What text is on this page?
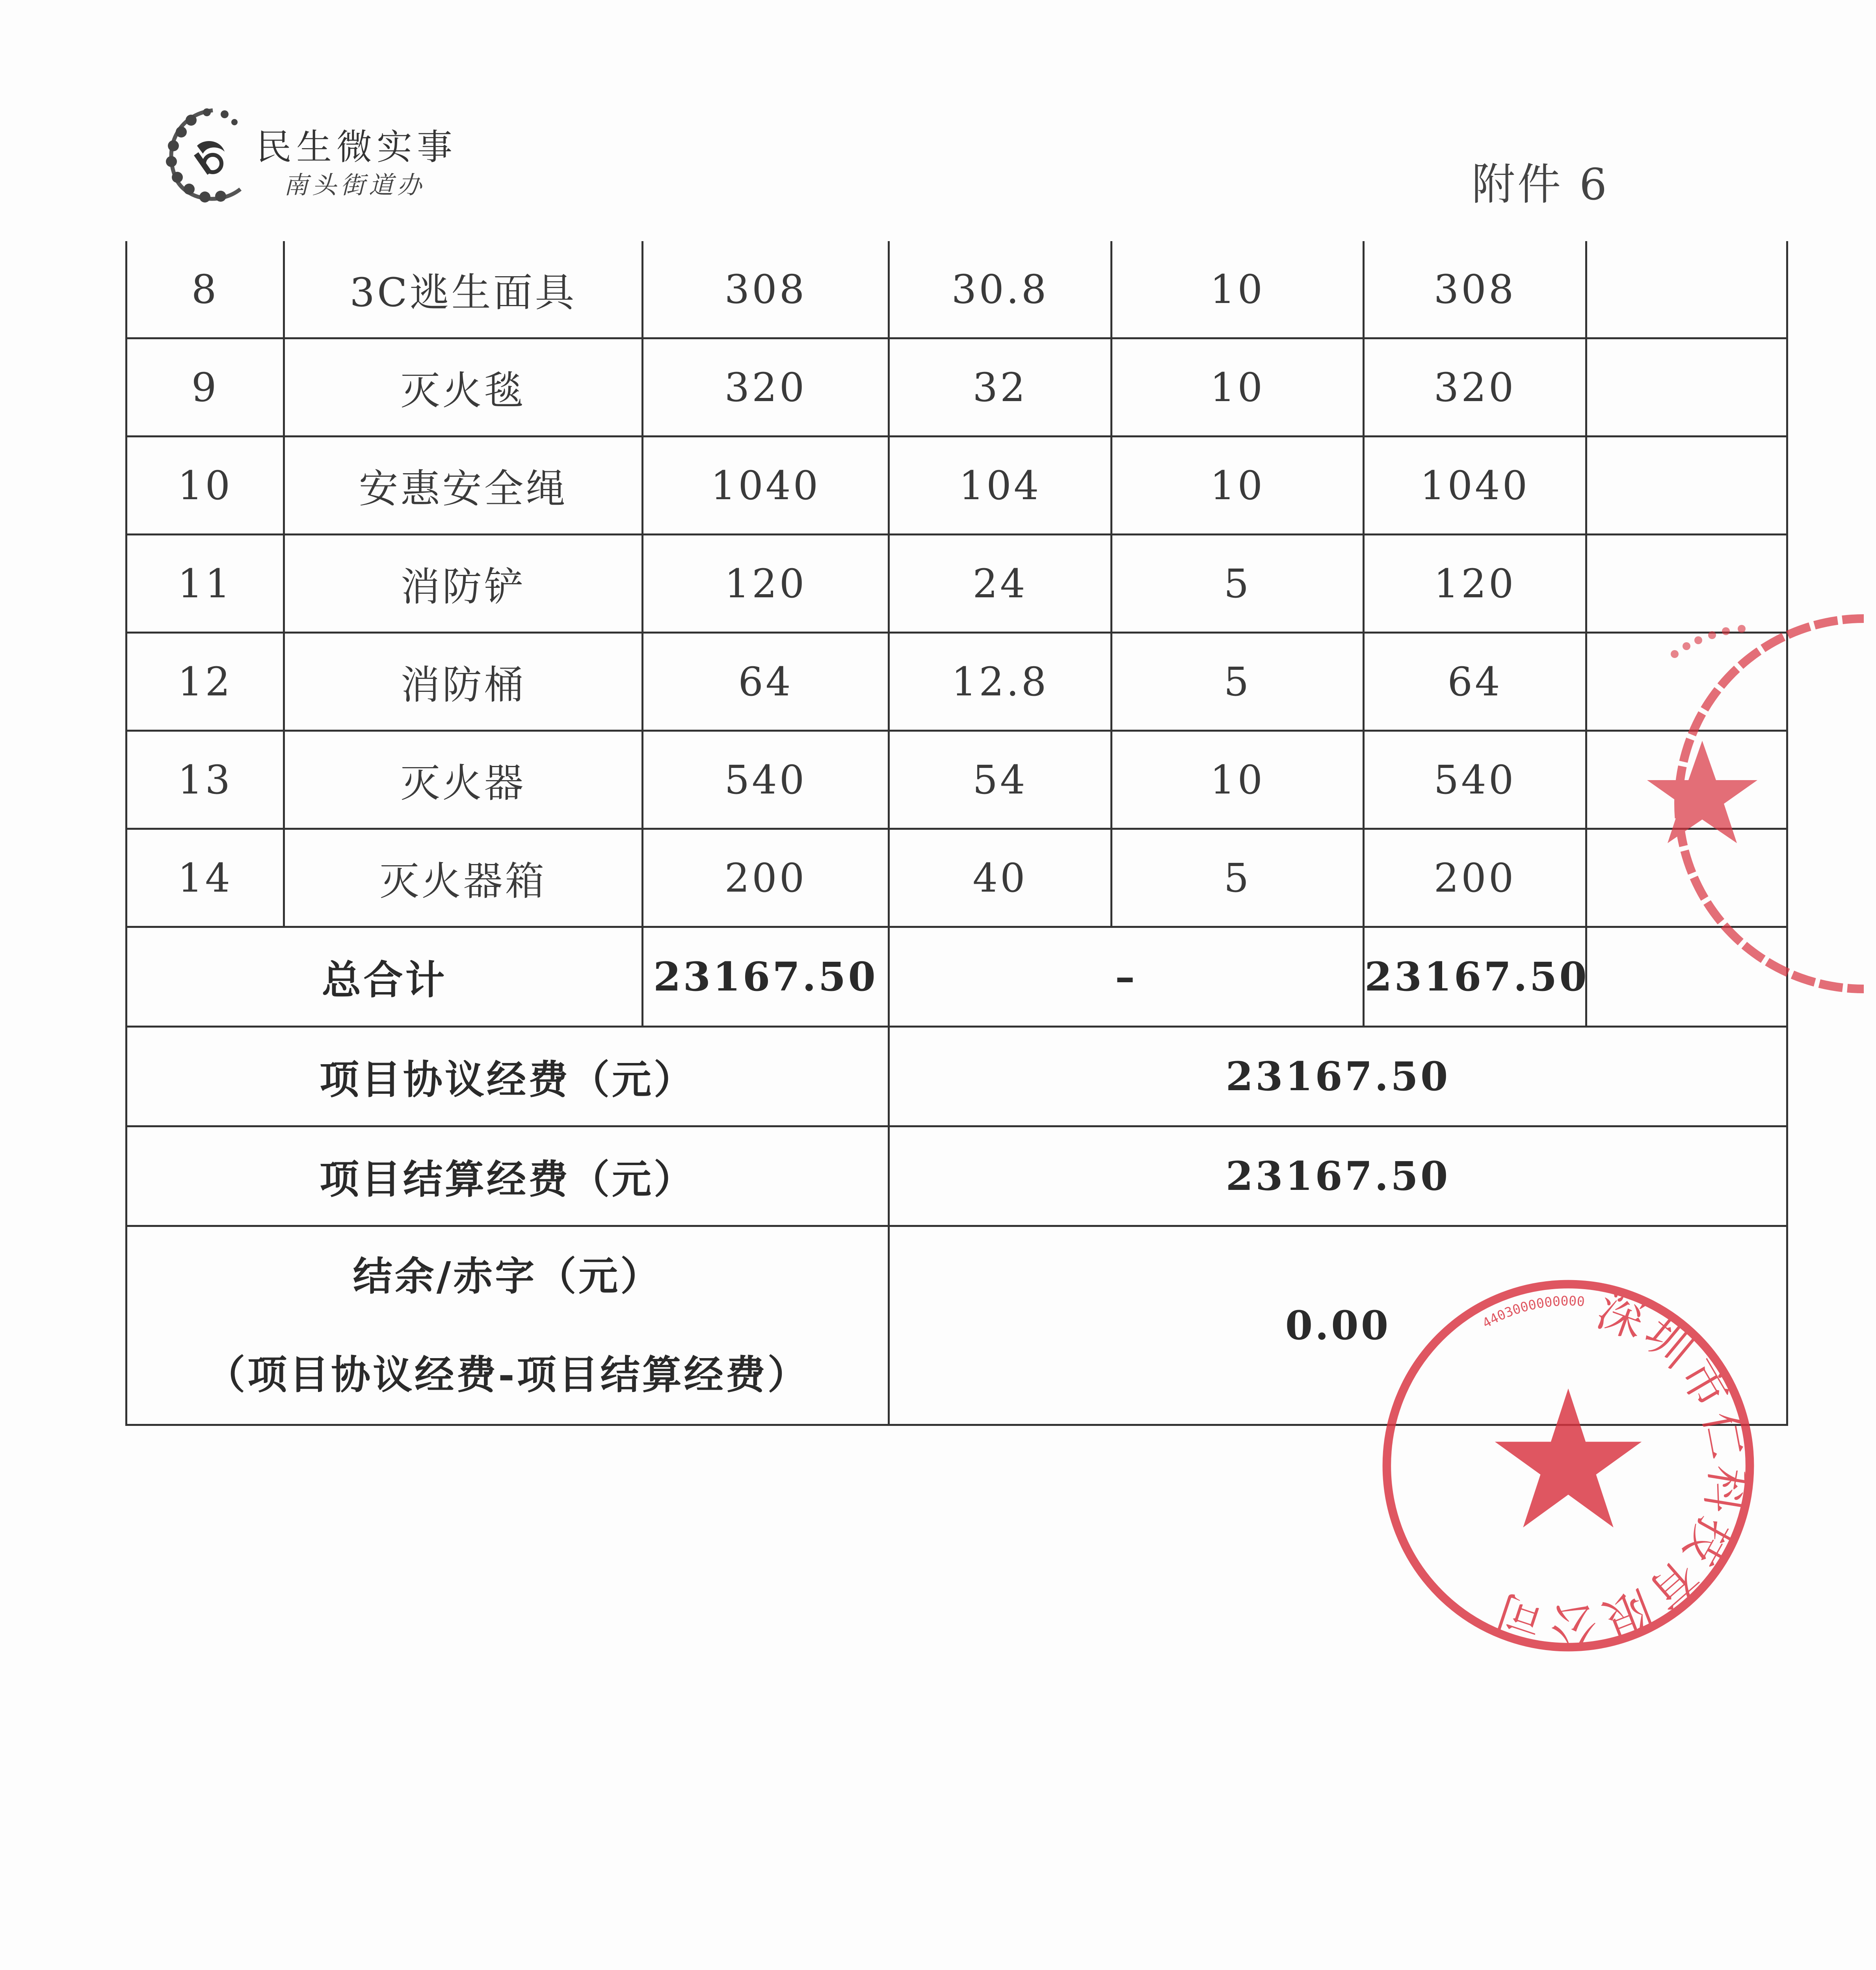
民生微实事
南头街道办	附件 6
8	3C逃生面具	308	30.8	10	308	
9	灭火毯	320	32	10	320	
10	安惠安全绳	1040	104	10	1040	
11	消防铲	120	24	5	120	
12	消防桶	64	12.8	5	64	
13	灭火器	540	54	10	540	
14	灭火器箱	200	40	5	200	
总合计		23167.50	–		23167.50	
项目协议经费（元）			23167.50			
项目结算经费（元）			23167.50			

结余/赤字（元）
（项目协议经费-项目结算经费）			0.00				深圳市仁科技有限公司
4403000000000
